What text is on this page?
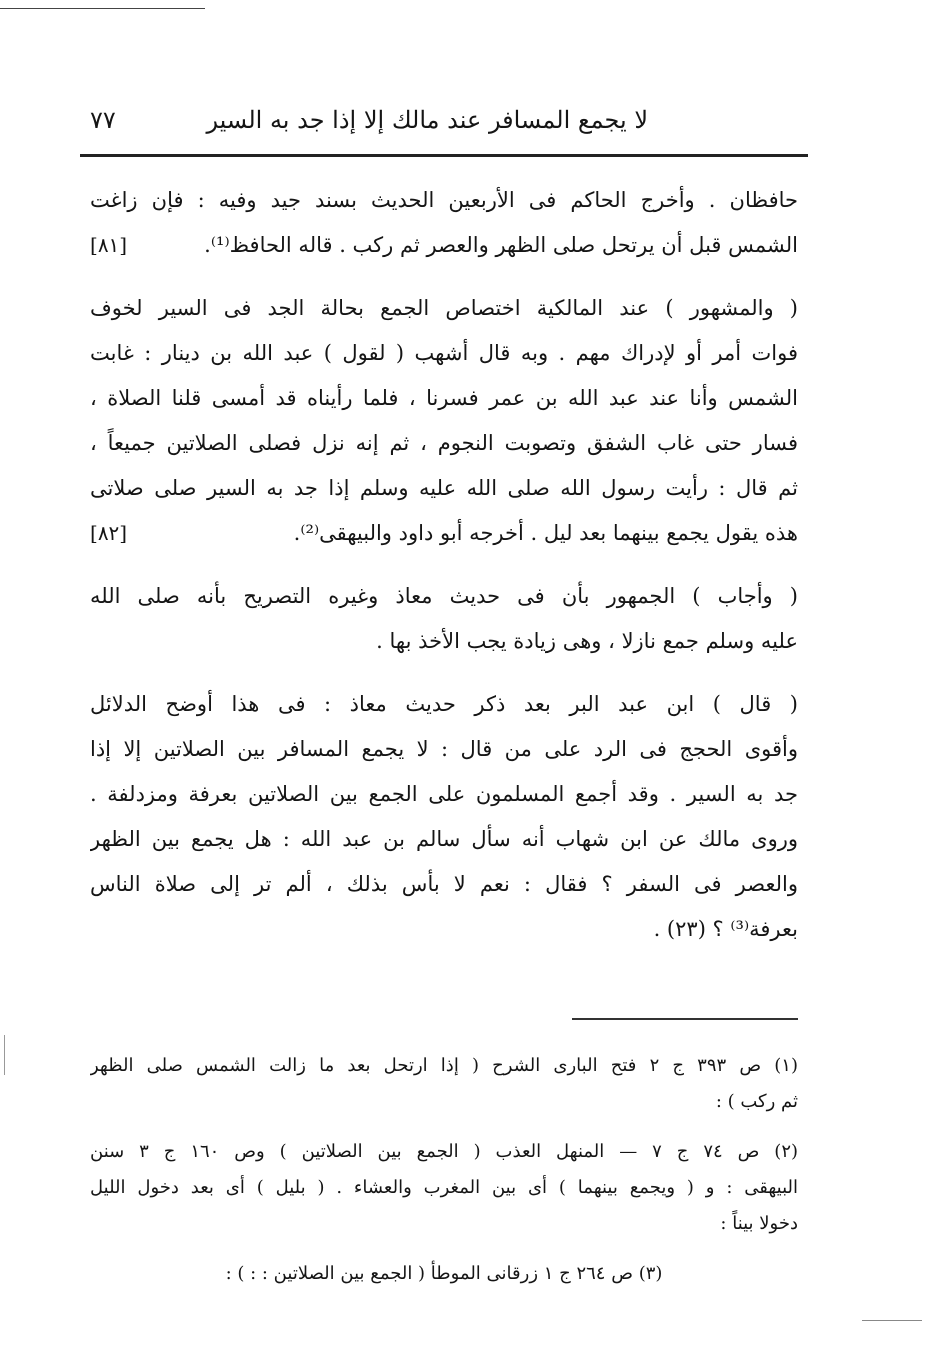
لا يجمع المسافر عند مالك إلا إذا جد به السير
٧٧
حافظان . وأخرج الحاكم فى الأربعين الحديث بسند جيد وفيه : فإن زاغت
الشمس قبل أن يرتحل صلى الظهر والعصر ثم ركب . قاله الحافظ⁽¹⁾.
[٨١]
( والمشهور ) عند المالكية اختصاص الجمع بحالة الجد فى السير لخوف
فوات أمر أو لإدراك مهم . وبه قال أشهب ( لقول ) عبد الله بن دينار : غابت
الشمس وأنا عند عبد الله بن عمر فسرنا ، فلما رأيناه قد أمسى قلنا الصلاة ،
فسار حتى غاب الشفق وتصوبت النجوم ، ثم إنه نزل فصلى الصلاتين جميعاً ،
ثم قال : رأيت رسول الله صلى الله عليه وسلم إذا جد به السير صلى صلاتى
هذه يقول يجمع بينهما بعد ليل . أخرجه أبو داود والبيهقى⁽²⁾.
[٨٢]
( وأجاب ) الجمهور بأن فى حديث معاذ وغيره التصريح بأنه صلى الله
عليه وسلم جمع نازلا ، وهى زيادة يجب الأخذ بها .
( قال ) ابن عبد البر بعد ذكر حديث معاذ : فى هذا أوضح الدلائل
وأقوى الحجج فى الرد على من قال : لا يجمع المسافر بين الصلاتين إلا إذا
جد به السير . وقد أجمع المسلمون على الجمع بين الصلاتين بعرفة ومزدلفة .
وروى مالك عن ابن شهاب أنه سأل سالم بن عبد الله : هل يجمع بين الظهر
والعصر فى السفر ؟ فقال : نعم لا بأس بذلك ، ألم تر إلى صلاة الناس
بعرفة⁽³⁾ ؟ (٢٣) .
(١) ص ٣٩٣ ج ٢ فتح البارى الشرح ( إذا ارتحل بعد ما زالت الشمس صلى الظهر
ثم ركب ) :
(٢) ص ٧٤ ج ٧ — المنهل العذب ( الجمع بين الصلاتين ) وص ١٦٠ ج ٣ سنن
البيهقى : و ( ويجمع بينهما ) أى بين المغرب والعشاء . ( بليل ) أى بعد دخول الليل
دخولا بيناً :
(٣) ص ٢٦٤ ج ١ زرقانى الموطأ ( الجمع بين الصلاتين : : ) :
